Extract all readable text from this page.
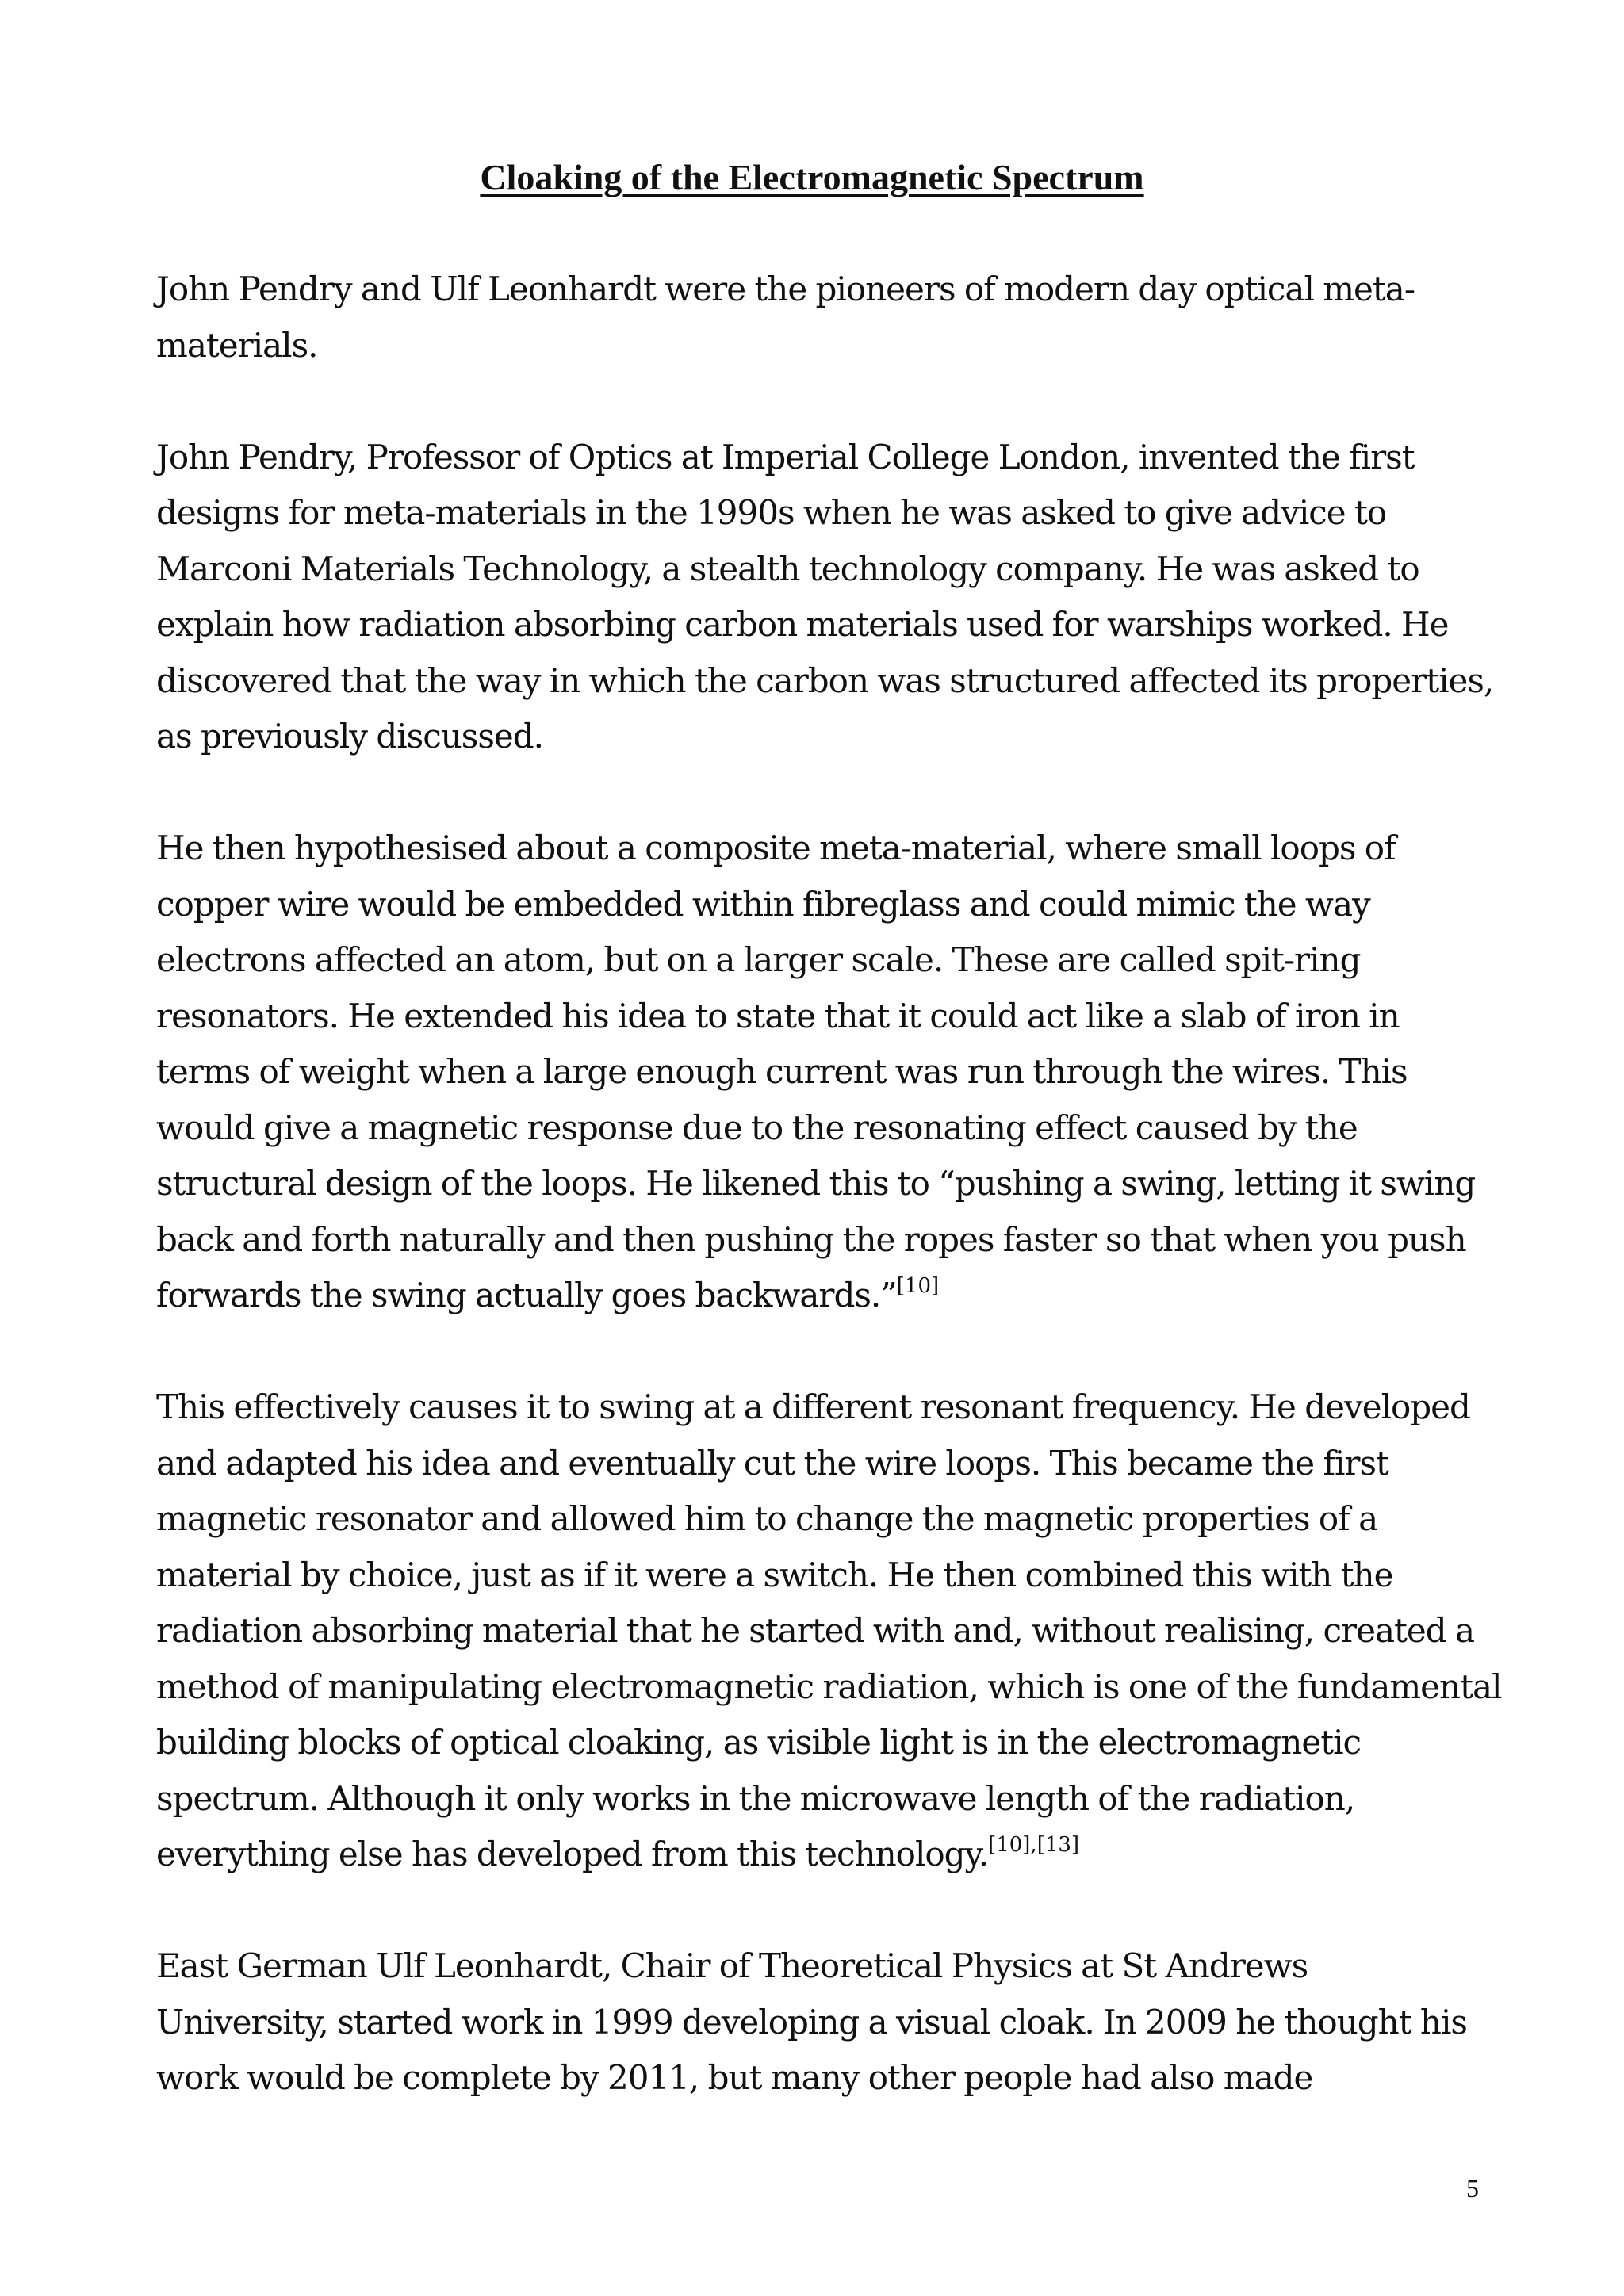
Cloaking of the Electromagnetic Spectrum

John Pendry and Ulf Leonhardt were the pioneers of modern day optical meta-
materials.

John Pendry, Professor of Optics at Imperial College London, invented the first
designs for meta-materials in the 1990s when he was asked to give advice to
Marconi Materials Technology, a stealth technology company. He was asked to
explain how radiation absorbing carbon materials used for warships worked. He
discovered that the way in which the carbon was structured affected its properties,
as previously discussed.

He then hypothesised about a composite meta-material, where small loops of
copper wire would be embedded within fibreglass and could mimic the way
electrons affected an atom, but on a larger scale. These are called spit-ring
resonators. He extended his idea to state that it could act like a slab of iron in
terms of weight when a large enough current was run through the wires. This
would give a magnetic response due to the resonating effect caused by the
structural design of the loops. He likened this to “pushing a swing, letting it swing
back and forth naturally and then pushing the ropes faster so that when you push
forwards the swing actually goes backwards.”[10]

This effectively causes it to swing at a different resonant frequency. He developed
and adapted his idea and eventually cut the wire loops. This became the first
magnetic resonator and allowed him to change the magnetic properties of a
material by choice, just as if it were a switch. He then combined this with the
radiation absorbing material that he started with and, without realising, created a
method of manipulating electromagnetic radiation, which is one of the fundamental
building blocks of optical cloaking, as visible light is in the electromagnetic
spectrum. Although it only works in the microwave length of the radiation,
everything else has developed from this technology.[10],[13]

East German Ulf Leonhardt, Chair of Theoretical Physics at St Andrews
University, started work in 1999 developing a visual cloak. In 2009 he thought his
work would be complete by 2011, but many other people had also made

5
